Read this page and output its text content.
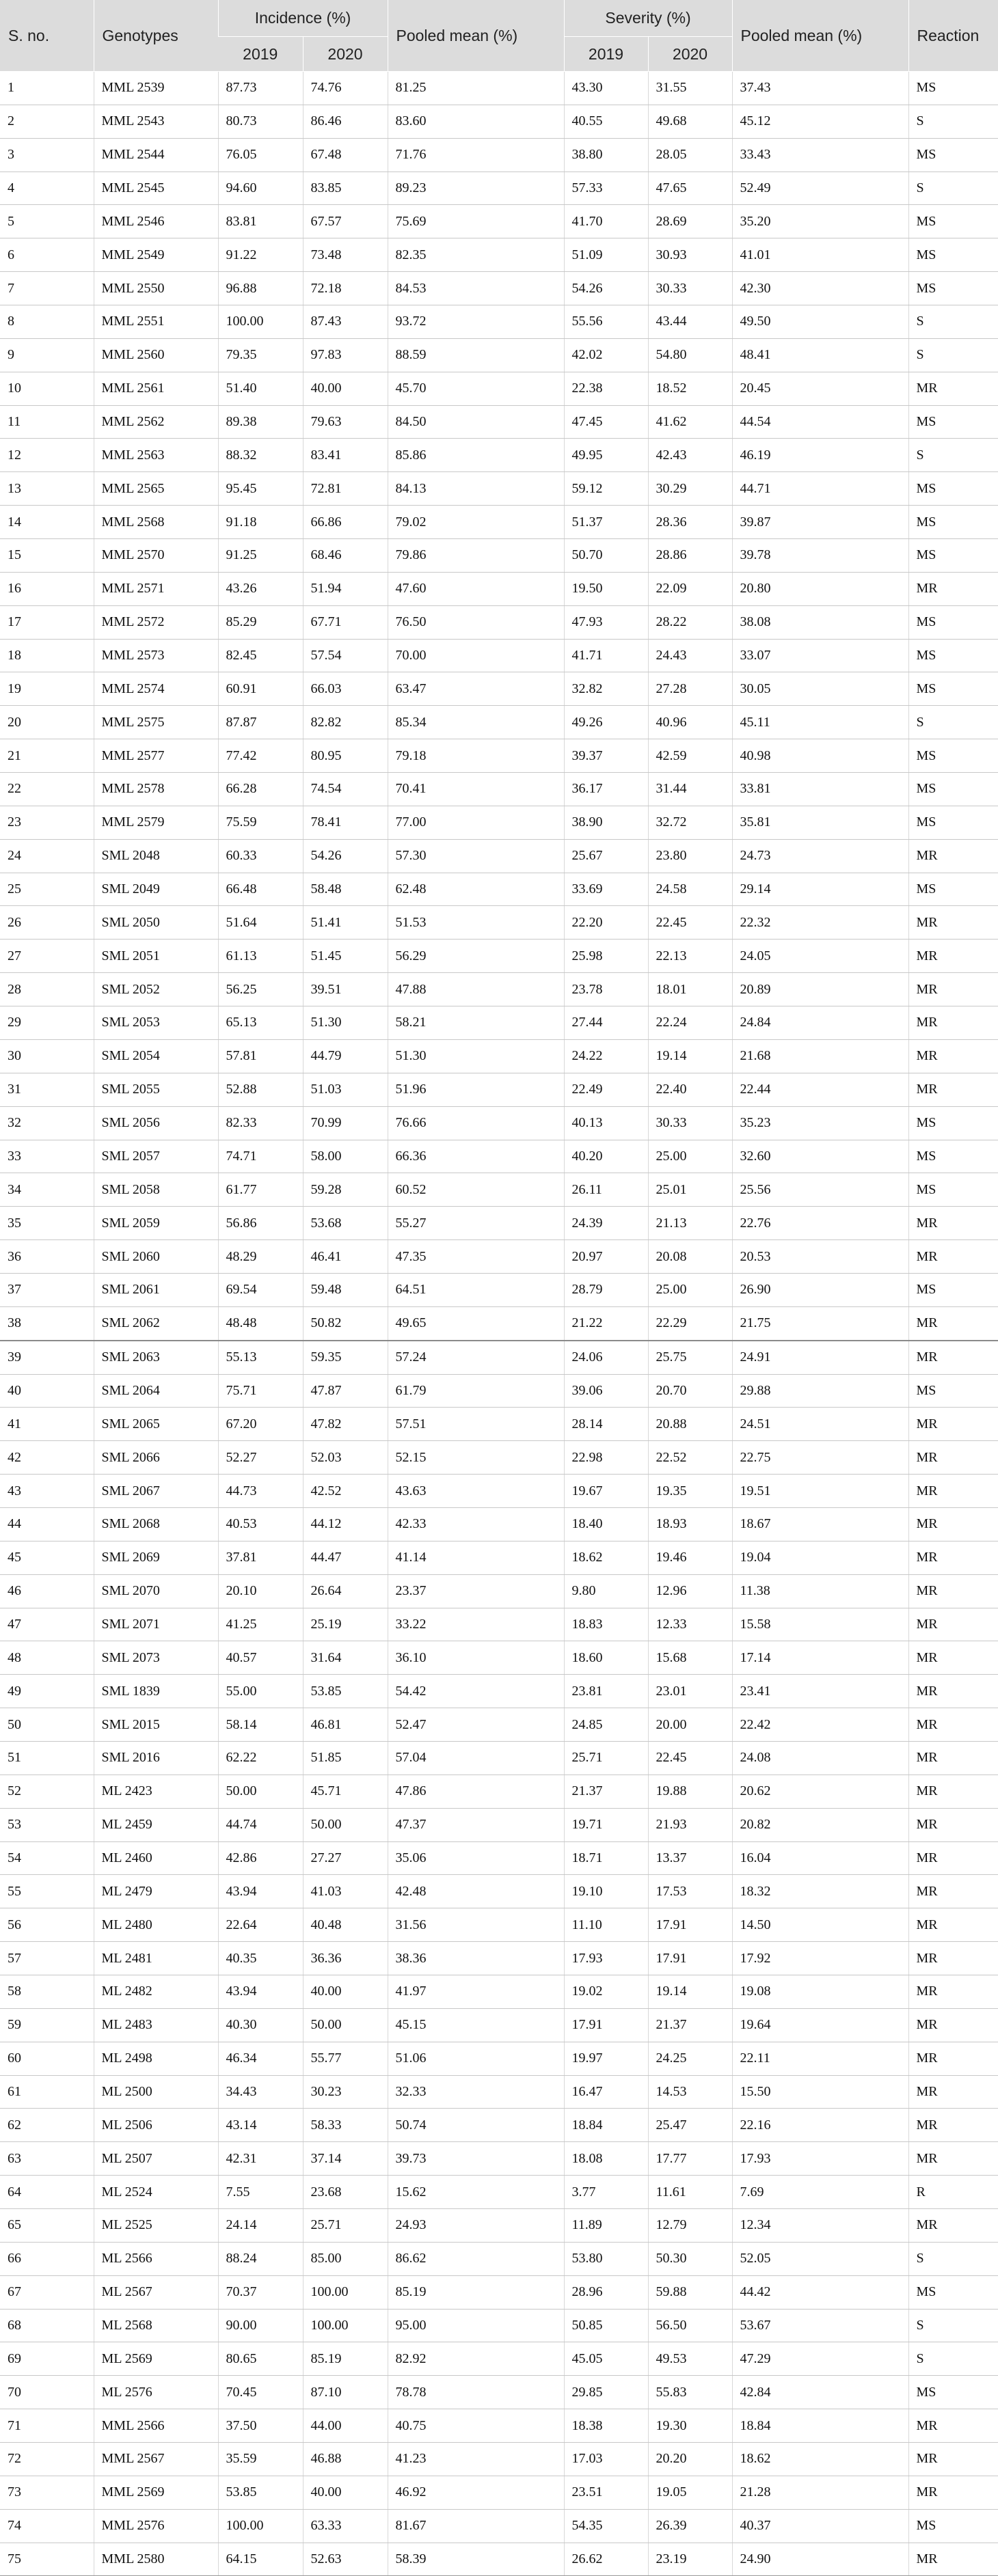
S. no.	Genotypes	Incidence (%)		Pooled mean (%)	Severity (%)		Pooled mean (%)	Reaction
		2019	2020		2019	2020		
1	MML 2539	87.73	74.76	81.25	43.30	31.55	37.43	MS
2	MML 2543	80.73	86.46	83.60	40.55	49.68	45.12	S
3	MML 2544	76.05	67.48	71.76	38.80	28.05	33.43	MS
4	MML 2545	94.60	83.85	89.23	57.33	47.65	52.49	S
5	MML 2546	83.81	67.57	75.69	41.70	28.69	35.20	MS
6	MML 2549	91.22	73.48	82.35	51.09	30.93	41.01	MS
7	MML 2550	96.88	72.18	84.53	54.26	30.33	42.30	MS
8	MML 2551	100.00	87.43	93.72	55.56	43.44	49.50	S
9	MML 2560	79.35	97.83	88.59	42.02	54.80	48.41	S
10	MML 2561	51.40	40.00	45.70	22.38	18.52	20.45	MR
11	MML 2562	89.38	79.63	84.50	47.45	41.62	44.54	MS
12	MML 2563	88.32	83.41	85.86	49.95	42.43	46.19	S
13	MML 2565	95.45	72.81	84.13	59.12	30.29	44.71	MS
14	MML 2568	91.18	66.86	79.02	51.37	28.36	39.87	MS
15	MML 2570	91.25	68.46	79.86	50.70	28.86	39.78	MS
16	MML 2571	43.26	51.94	47.60	19.50	22.09	20.80	MR
17	MML 2572	85.29	67.71	76.50	47.93	28.22	38.08	MS
18	MML 2573	82.45	57.54	70.00	41.71	24.43	33.07	MS
19	MML 2574	60.91	66.03	63.47	32.82	27.28	30.05	MS
20	MML 2575	87.87	82.82	85.34	49.26	40.96	45.11	S
21	MML 2577	77.42	80.95	79.18	39.37	42.59	40.98	MS
22	MML 2578	66.28	74.54	70.41	36.17	31.44	33.81	MS
23	MML 2579	75.59	78.41	77.00	38.90	32.72	35.81	MS
24	SML 2048	60.33	54.26	57.30	25.67	23.80	24.73	MR
25	SML 2049	66.48	58.48	62.48	33.69	24.58	29.14	MS
26	SML 2050	51.64	51.41	51.53	22.20	22.45	22.32	MR
27	SML 2051	61.13	51.45	56.29	25.98	22.13	24.05	MR
28	SML 2052	56.25	39.51	47.88	23.78	18.01	20.89	MR
29	SML 2053	65.13	51.30	58.21	27.44	22.24	24.84	MR
30	SML 2054	57.81	44.79	51.30	24.22	19.14	21.68	MR
31	SML 2055	52.88	51.03	51.96	22.49	22.40	22.44	MR
32	SML 2056	82.33	70.99	76.66	40.13	30.33	35.23	MS
33	SML 2057	74.71	58.00	66.36	40.20	25.00	32.60	MS
34	SML 2058	61.77	59.28	60.52	26.11	25.01	25.56	MS
35	SML 2059	56.86	53.68	55.27	24.39	21.13	22.76	MR
36	SML 2060	48.29	46.41	47.35	20.97	20.08	20.53	MR
37	SML 2061	69.54	59.48	64.51	28.79	25.00	26.90	MS
38	SML 2062	48.48	50.82	49.65	21.22	22.29	21.75	MR
39	SML 2063	55.13	59.35	57.24	24.06	25.75	24.91	MR
40	SML 2064	75.71	47.87	61.79	39.06	20.70	29.88	MS
41	SML 2065	67.20	47.82	57.51	28.14	20.88	24.51	MR
42	SML 2066	52.27	52.03	52.15	22.98	22.52	22.75	MR
43	SML 2067	44.73	42.52	43.63	19.67	19.35	19.51	MR
44	SML 2068	40.53	44.12	42.33	18.40	18.93	18.67	MR
45	SML 2069	37.81	44.47	41.14	18.62	19.46	19.04	MR
46	SML 2070	20.10	26.64	23.37	9.80	12.96	11.38	MR
47	SML 2071	41.25	25.19	33.22	18.83	12.33	15.58	MR
48	SML 2073	40.57	31.64	36.10	18.60	15.68	17.14	MR
49	SML 1839	55.00	53.85	54.42	23.81	23.01	23.41	MR
50	SML 2015	58.14	46.81	52.47	24.85	20.00	22.42	MR
51	SML 2016	62.22	51.85	57.04	25.71	22.45	24.08	MR
52	ML 2423	50.00	45.71	47.86	21.37	19.88	20.62	MR
53	ML 2459	44.74	50.00	47.37	19.71	21.93	20.82	MR
54	ML 2460	42.86	27.27	35.06	18.71	13.37	16.04	MR
55	ML 2479	43.94	41.03	42.48	19.10	17.53	18.32	MR
56	ML 2480	22.64	40.48	31.56	11.10	17.91	14.50	MR
57	ML 2481	40.35	36.36	38.36	17.93	17.91	17.92	MR
58	ML 2482	43.94	40.00	41.97	19.02	19.14	19.08	MR
59	ML 2483	40.30	50.00	45.15	17.91	21.37	19.64	MR
60	ML 2498	46.34	55.77	51.06	19.97	24.25	22.11	MR
61	ML 2500	34.43	30.23	32.33	16.47	14.53	15.50	MR
62	ML 2506	43.14	58.33	50.74	18.84	25.47	22.16	MR
63	ML 2507	42.31	37.14	39.73	18.08	17.77	17.93	MR
64	ML 2524	7.55	23.68	15.62	3.77	11.61	7.69	R
65	ML 2525	24.14	25.71	24.93	11.89	12.79	12.34	MR
66	ML 2566	88.24	85.00	86.62	53.80	50.30	52.05	S
67	ML 2567	70.37	100.00	85.19	28.96	59.88	44.42	MS
68	ML 2568	90.00	100.00	95.00	50.85	56.50	53.67	S
69	ML 2569	80.65	85.19	82.92	45.05	49.53	47.29	S
70	ML 2576	70.45	87.10	78.78	29.85	55.83	42.84	MS
71	MML 2566	37.50	44.00	40.75	18.38	19.30	18.84	MR
72	MML 2567	35.59	46.88	41.23	17.03	20.20	18.62	MR
73	MML 2569	53.85	40.00	46.92	23.51	19.05	21.28	MR
74	MML 2576	100.00	63.33	81.67	54.35	26.39	40.37	MS
75	MML 2580	64.15	52.63	58.39	26.62	23.19	24.90	MR
